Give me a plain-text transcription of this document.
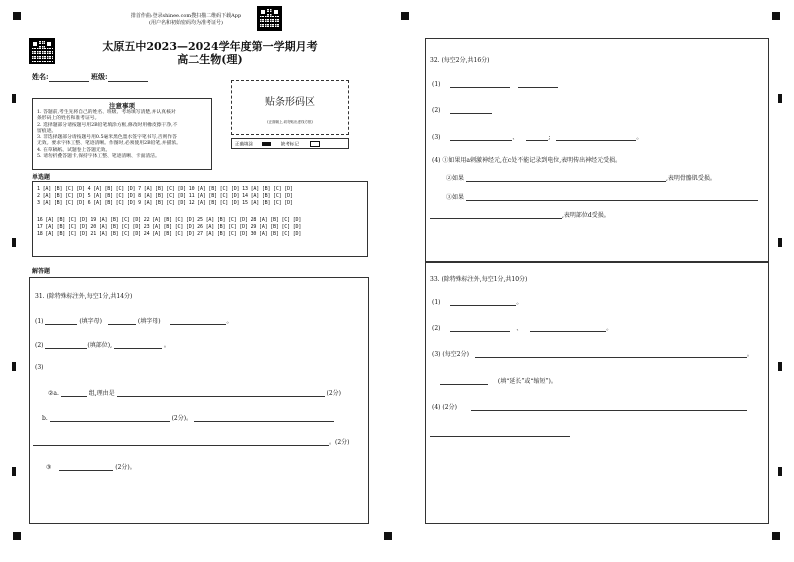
排首作曲:登录shinee.com搜扫描二维码下载App
(用户名和初始密码均为准考证号)
太原五中2023—2024学年度第一学期月考
高二生物(理)
姓名:	班级:
注意事项
1. 答题前,考生先将自己的姓名、班级、考场填写清楚,并认真核对
条形码上的姓名和准考证号。
2. 选择题部分请按题号用2B铅笔填涂方框,修改时用橡皮擦干净,不
留痕迹。
3. 非选择题部分请按题号用0.5毫米黑色墨水签字笔书写,否则作答
无效。要求字体工整、笔迹清晰。作图时,必须使用2B铅笔,并描浓。
4. 在草稿纸、试题卷上答题无效。
5. 请勿折叠答题卡,保持字体工整、笔迹清晰、卡面清洁。
贴条形码区
(正面朝上,切勿贴出虚线方框)
正确填涂	缺考标记
单选题
1 [A] [B] [C] [D] 4 [A] [B] [C] [D] 7 [A] [B] [C] [D] 10 [A] [B] [C] [D] 13 [A] [B] [C] [D]
2 [A] [B] [C] [D] 5 [A] [B] [C] [D] 8 [A] [B] [C] [D] 11 [A] [B] [C] [D] 14 [A] [B] [C] [D]
3 [A] [B] [C] [D] 6 [A] [B] [C] [D] 9 [A] [B] [C] [D] 12 [A] [B] [C] [D] 15 [A] [B] [C] [D]
16 [A] [B] [C] [D] 19 [A] [B] [C] [D] 22 [A] [B] [C] [D] 25 [A] [B] [C] [D] 28 [A] [B] [C] [D]
17 [A] [B] [C] [D] 20 [A] [B] [C] [D] 23 [A] [B] [C] [D] 26 [A] [B] [C] [D] 29 [A] [B] [C] [D]
18 [A] [B] [C] [D] 21 [A] [B] [C] [D] 24 [A] [B] [C] [D] 27 [A] [B] [C] [D] 30 [A] [B] [C] [D]
解答题
31. (除特殊标注外,每空1分,共14分)
(1)	(填字母)	(填字母)	。
(2)	(填部位),	。
(3)
②a.	组,理由是	(2分)
b.	(2分)。
。(2分)
③	(2分)。
32. (每空2分,共16分)
(1)
(2)
(3)	、	;	。
(4) ①如果用a刺激神经元,在c处不能记录到电位,表明传出神经元受损。
②如果	,表明骨骼肌受损。
③如果
,表明部位d受损。
33. (除特殊标注外,每空1分,共10分)
(1)	。
(2)	、	。
(3) (每空2分)	。
(填“延长”或“缩短”)。
(4) (2分)
